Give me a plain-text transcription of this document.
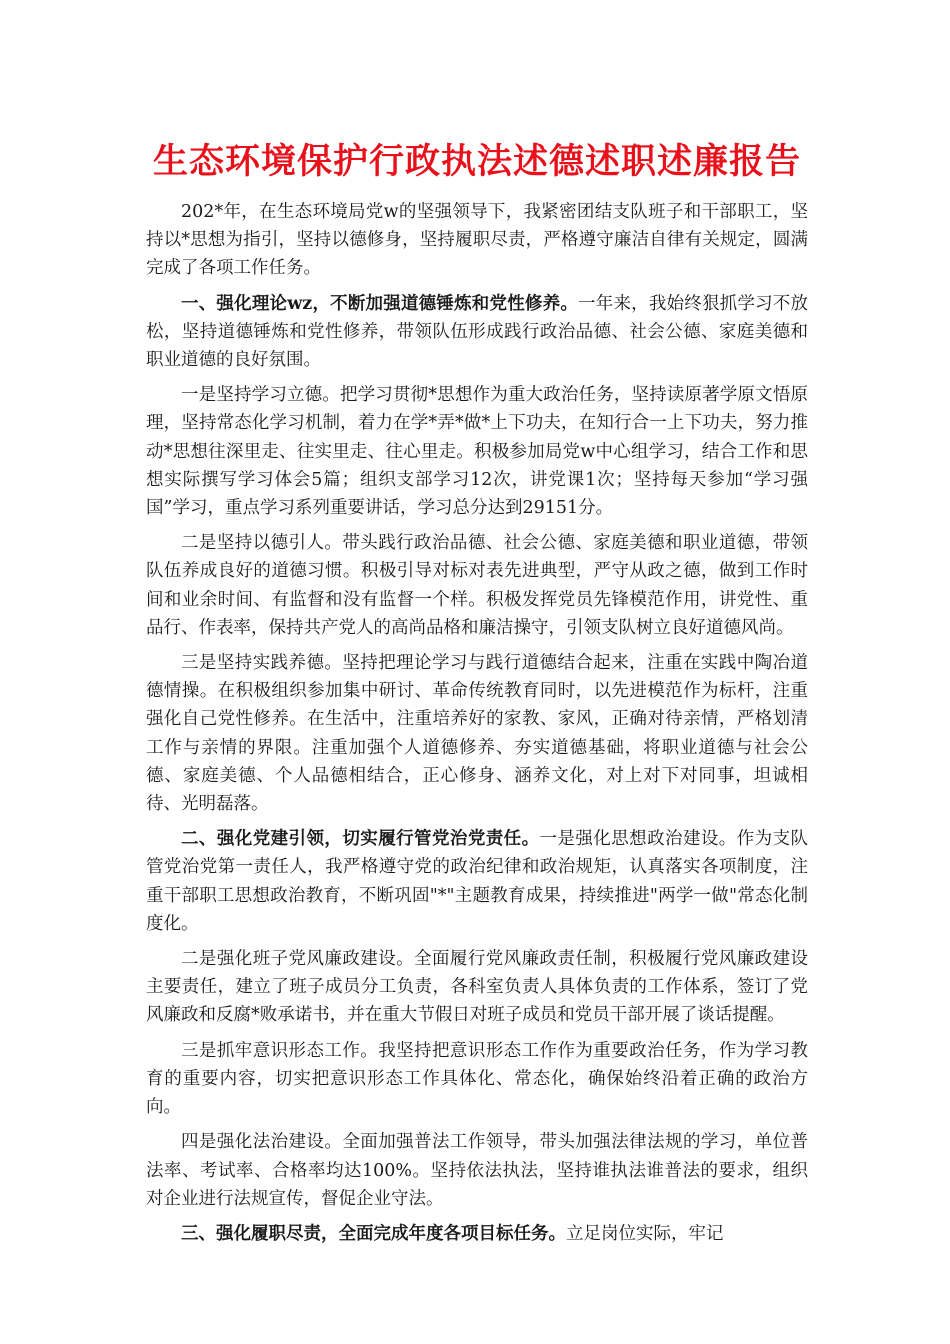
生态环境保护行政执法述德述职述廉报告

202*年，在生态环境局党w的坚强领导下，我紧密团结支队班子和干部职工，坚持以*思想为指引，坚持以德修身，坚持履职尽责，严格遵守廉洁自律有关规定，圆满完成了各项工作任务。

一、强化理论wz，不断加强道德锤炼和党性修养。一年来，我始终狠抓学习不放松，坚持道德锤炼和党性修养，带领队伍形成践行政治品德、社会公德、家庭美德和职业道德的良好氛围。

一是坚持学习立德。把学习贯彻*思想作为重大政治任务，坚持读原著学原文悟原理，坚持常态化学习机制，着力在学*弄*做*上下功夫，在知行合一上下功夫，努力推动*思想往深里走、往实里走、往心里走。积极参加局党w中心组学习，结合工作和思想实际撰写学习体会5篇；组织支部学习12次，讲党课1次；坚持每天参加“学习强国”学习，重点学习系列重要讲话，学习总分达到29151分。

二是坚持以德引人。带头践行政治品德、社会公德、家庭美德和职业道德，带领队伍养成良好的道德习惯。积极引导对标对表先进典型，严守从政之德，做到工作时间和业余时间、有监督和没有监督一个样。积极发挥党员先锋模范作用，讲党性、重品行、作表率，保持共产党人的高尚品格和廉洁操守，引领支队树立良好道德风尚。

三是坚持实践养德。坚持把理论学习与践行道德结合起来，注重在实践中陶冶道德情操。在积极组织参加集中研讨、革命传统教育同时，以先进模范作为标杆，注重强化自己党性修养。在生活中，注重培养好的家教、家风，正确对待亲情，严格划清工作与亲情的界限。注重加强个人道德修养、夯实道德基础，将职业道德与社会公德、家庭美德、个人品德相结合，正心修身、涵养文化，对上对下对同事，坦诚相待、光明磊落。

二、强化党建引领，切实履行管党治党责任。一是强化思想政治建设。作为支队管党治党第一责任人，我严格遵守党的政治纪律和政治规矩，认真落实各项制度，注重干部职工思想政治教育，不断巩固"*"主题教育成果，持续推进"两学一做"常态化制度化。

二是强化班子党风廉政建设。全面履行党风廉政责任制，积极履行党风廉政建设主要责任，建立了班子成员分工负责，各科室负责人具体负责的工作体系，签订了党风廉政和反腐*败承诺书，并在重大节假日对班子成员和党员干部开展了谈话提醒。

三是抓牢意识形态工作。我坚持把意识形态工作作为重要政治任务，作为学习教育的重要内容，切实把意识形态工作具体化、常态化，确保始终沿着正确的政治方向。

四是强化法治建设。全面加强普法工作领导，带头加强法律法规的学习，单位普法率、考试率、合格率均达100%。坚持依法执法，坚持谁执法谁普法的要求，组织对企业进行法规宣传，督促企业守法。

三、强化履职尽责，全面完成年度各项目标任务。立足岗位实际，牢记
